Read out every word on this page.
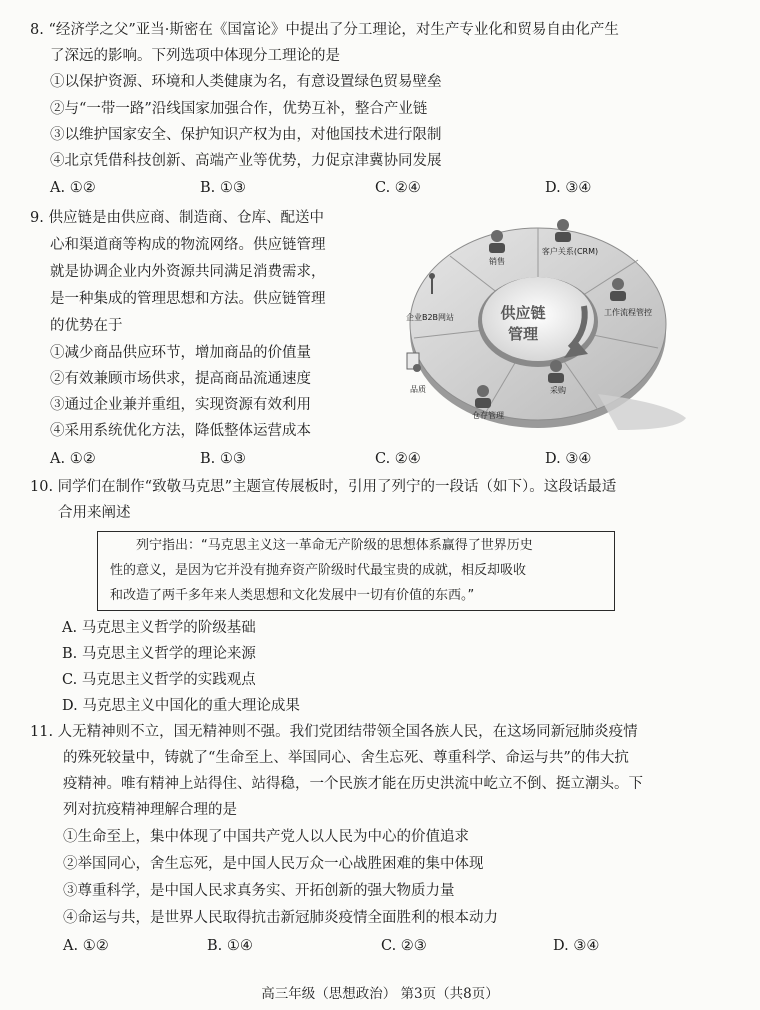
8. “经济学之父”亚当·斯密在《国富论》中提出了分工理论，对生产专业化和贸易自由化产生
了深远的影响。下列选项中体现分工理论的是
①以保护资源、环境和人类健康为名，有意设置绿色贸易壁垒
②与“一带一路”沿线国家加强合作，优势互补，整合产业链
③以维护国家安全、保护知识产权为由，对他国技术进行限制
④北京凭借科技创新、高端产业等优势，力促京津冀协同发展
A. ①②	B. ①③	C. ②④	D. ③④
9. 供应链是由供应商、制造商、仓库、配送中
心和渠道商等构成的物流网络。供应链管理
就是协调企业内外资源共同满足消费需求，
是一种集成的管理思想和方法。供应链管理
的优势在于
①减少商品供应环节，增加商品的价值量
②有效兼顾市场供求，提高商品流通速度
③通过企业兼并重组，实现资源有效利用
④采用系统优化方法，降低整体运营成本
A. ①②	B. ①③	C. ②④	D. ③④
供应链
管理
销售
客户关系(CRM)
工作流程管控
采购
仓存管理
品质
企业B2B网站
10. 同学们在制作“致敬马克思”主题宣传展板时，引用了列宁的一段话（如下）。这段话最适
合用来阐述
列宁指出：“马克思主义这一革命无产阶级的思想体系赢得了世界历史
性的意义，是因为它并没有抛弃资产阶级时代最宝贵的成就，相反却吸收
和改造了两千多年来人类思想和文化发展中一切有价值的东西。”
A. 马克思主义哲学的阶级基础
B. 马克思主义哲学的理论来源
C. 马克思主义哲学的实践观点
D. 马克思主义中国化的重大理论成果
11. 人无精神则不立，国无精神则不强。我们党团结带领全国各族人民，在这场同新冠肺炎疫情
的殊死较量中，铸就了“生命至上、举国同心、舍生忘死、尊重科学、命运与共”的伟大抗
疫精神。唯有精神上站得住、站得稳，一个民族才能在历史洪流中屹立不倒、挺立潮头。下
列对抗疫精神理解合理的是
①生命至上，集中体现了中国共产党人以人民为中心的价值追求
②举国同心，舍生忘死，是中国人民万众一心战胜困难的集中体现
③尊重科学，是中国人民求真务实、开拓创新的强大物质力量
④命运与共，是世界人民取得抗击新冠肺炎疫情全面胜利的根本动力
A. ①②	B. ①④	C. ②③	D. ③④
高三年级（思想政治） 第3页（共8页）
